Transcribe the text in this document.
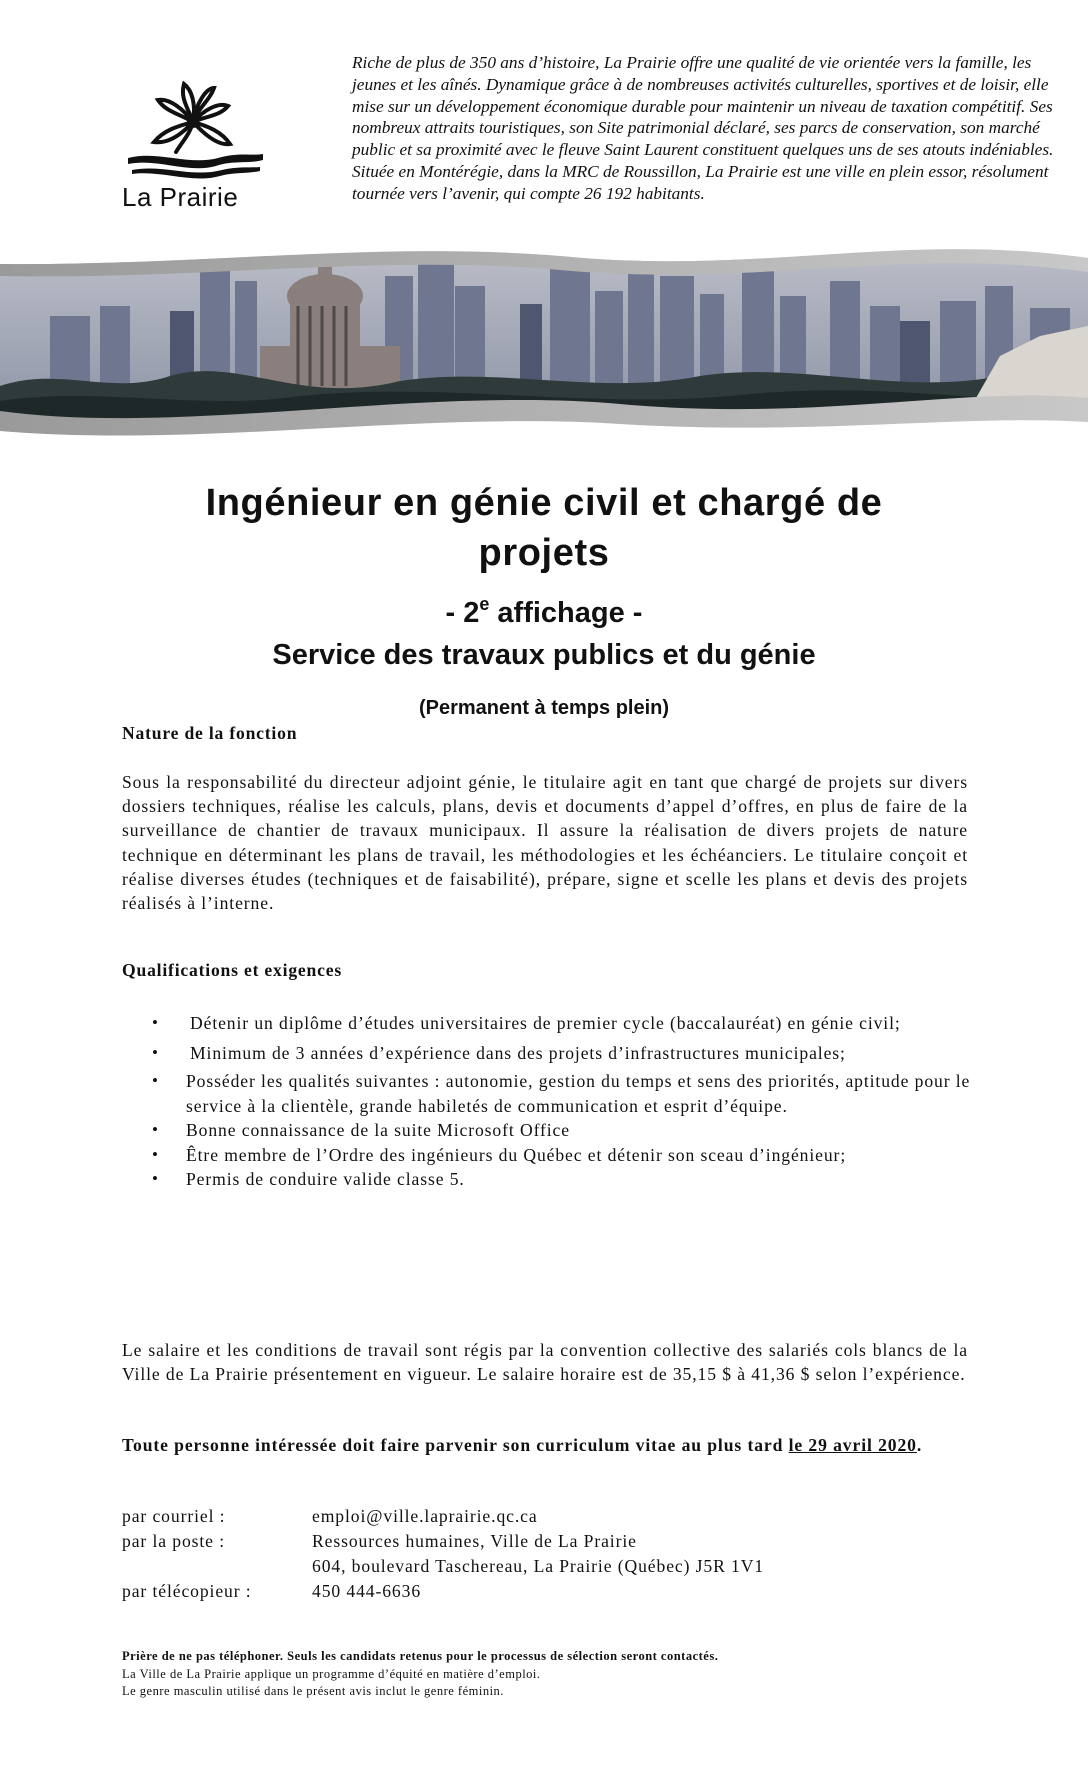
La Prairie
Riche de plus de 350 ans d’histoire, La Prairie offre une qualité de vie orientée vers la famille, les jeunes et les aînés. Dynamique grâce à de nombreuses activités culturelles, sportives et de loisir, elle mise sur un développement économique durable pour maintenir un niveau de taxation compétitif. Ses nombreux attraits touristiques, son Site patrimonial déclaré, ses parcs de conservation, son marché public et sa proximité avec le fleuve Saint Laurent constituent quelques uns de ses atouts indéniables. Située en Montérégie, dans la MRC de Roussillon, La Prairie est une ville en plein essor, résolument tournée vers l’avenir, qui compte 26 192 habitants.
Ingénieur en génie civil et chargé de
projets
- 2e affichage -
Service des travaux publics et du génie
(Permanent à temps plein)
Nature de la fonction
Sous la responsabilité du directeur adjoint génie, le titulaire agit en tant que chargé de projets sur divers dossiers techniques, réalise les calculs, plans, devis et documents d’appel d’offres, en plus de faire de la surveillance de chantier de travaux municipaux. Il assure la réalisation de divers projets de nature technique en déterminant les plans de travail, les méthodologies et les échéanciers. Le titulaire conçoit et réalise diverses études (techniques et de faisabilité), prépare, signe et scelle les plans et devis des projets réalisés à l’interne.
Qualifications et exigences
• Détenir un diplôme d’études universitaires de premier cycle (baccalauréat) en génie civil;
• Minimum de 3 années d’expérience dans des projets d’infrastructures municipales;
• Posséder les qualités suivantes : autonomie, gestion du temps et sens des priorités, aptitude pour le service à la clientèle, grande habiletés de communication et esprit d’équipe.
• Bonne connaissance de la suite Microsoft Office
• Être membre de l’Ordre des ingénieurs du Québec et détenir son sceau d’ingénieur;
• Permis de conduire valide classe 5.
Le salaire et les conditions de travail sont régis par la convention collective des salariés cols blancs de la Ville de La Prairie présentement en vigueur. Le salaire horaire est de 35,15 $ à 41,36 $ selon l’expérience.
Toute personne intéressée doit faire parvenir son curriculum vitae au plus tard le 29 avril 2020.
par courriel :	emploi@ville.laprairie.qc.ca
par la poste :	Ressources humaines, Ville de La Prairie
604, boulevard Taschereau, La Prairie (Québec) J5R 1V1
par télécopieur :	450 444-6636
Prière de ne pas téléphoner. Seuls les candidats retenus pour le processus de sélection seront contactés.
La Ville de La Prairie applique un programme d’équité en matière d’emploi.
Le genre masculin utilisé dans le présent avis inclut le genre féminin.
